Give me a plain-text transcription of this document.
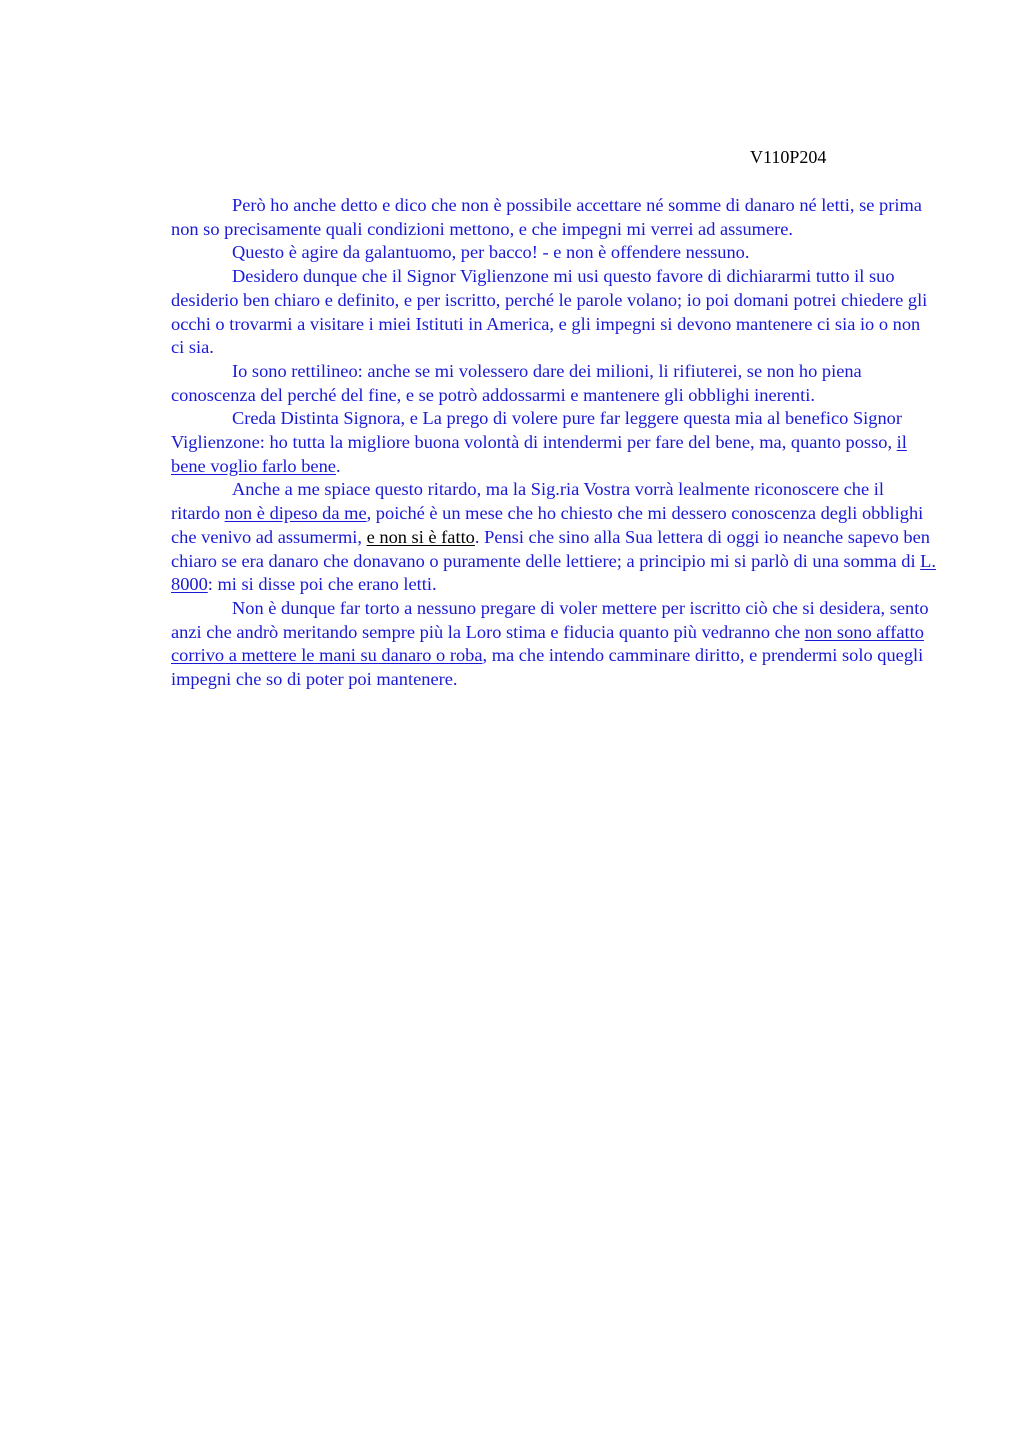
V110P204

Però ho anche detto e dico che non è possibile accettare né somme di danaro né letti, se prima non so precisamente quali condizioni mettono, e che impegni mi verrei ad assumere.

Questo è agire da galantuomo, per bacco! - e non è offendere nessuno.

Desidero dunque che il Signor Viglienzone mi usi questo favore di dichiararmi tutto il suo desiderio ben chiaro e definito, e per iscritto, perché le parole volano; io poi domani potrei chiedere gli occhi o trovarmi a visitare i miei Istituti in America, e gli impegni si devono mantenere ci sia io o non ci sia.

Io sono rettilineo: anche se mi volessero dare dei milioni, li rifiuterei, se non ho piena conoscenza del perché del fine, e se potrò addossarmi e mantenere gli obblighi inerenti.

Creda Distinta Signora, e La prego di volere pure far leggere questa mia al benefico Signor Viglienzone: ho tutta la migliore buona volontà di intendermi per fare del bene, ma, quanto posso, il bene voglio farlo bene.

Anche a me spiace questo ritardo, ma la Sig.ria Vostra vorrà lealmente riconoscere che il ritardo non è dipeso da me, poiché è un mese che ho chiesto che mi dessero conoscenza degli obblighi che venivo ad assumermi, e non si è fatto. Pensi che sino alla Sua lettera di oggi io neanche sapevo ben chiaro se era danaro che donavano o puramente delle lettiere; a principio mi si parlò di una somma di L. 8000: mi si disse poi che erano letti.

Non è dunque far torto a nessuno pregare di voler mettere per iscritto ciò che si desidera, sento anzi che andrò meritando sempre più la Loro stima e fiducia quanto più vedranno che non sono affatto corrivo a mettere le mani su danaro o roba, ma che intendo camminare diritto, e prendermi solo quegli impegni che so di poter poi mantenere.
